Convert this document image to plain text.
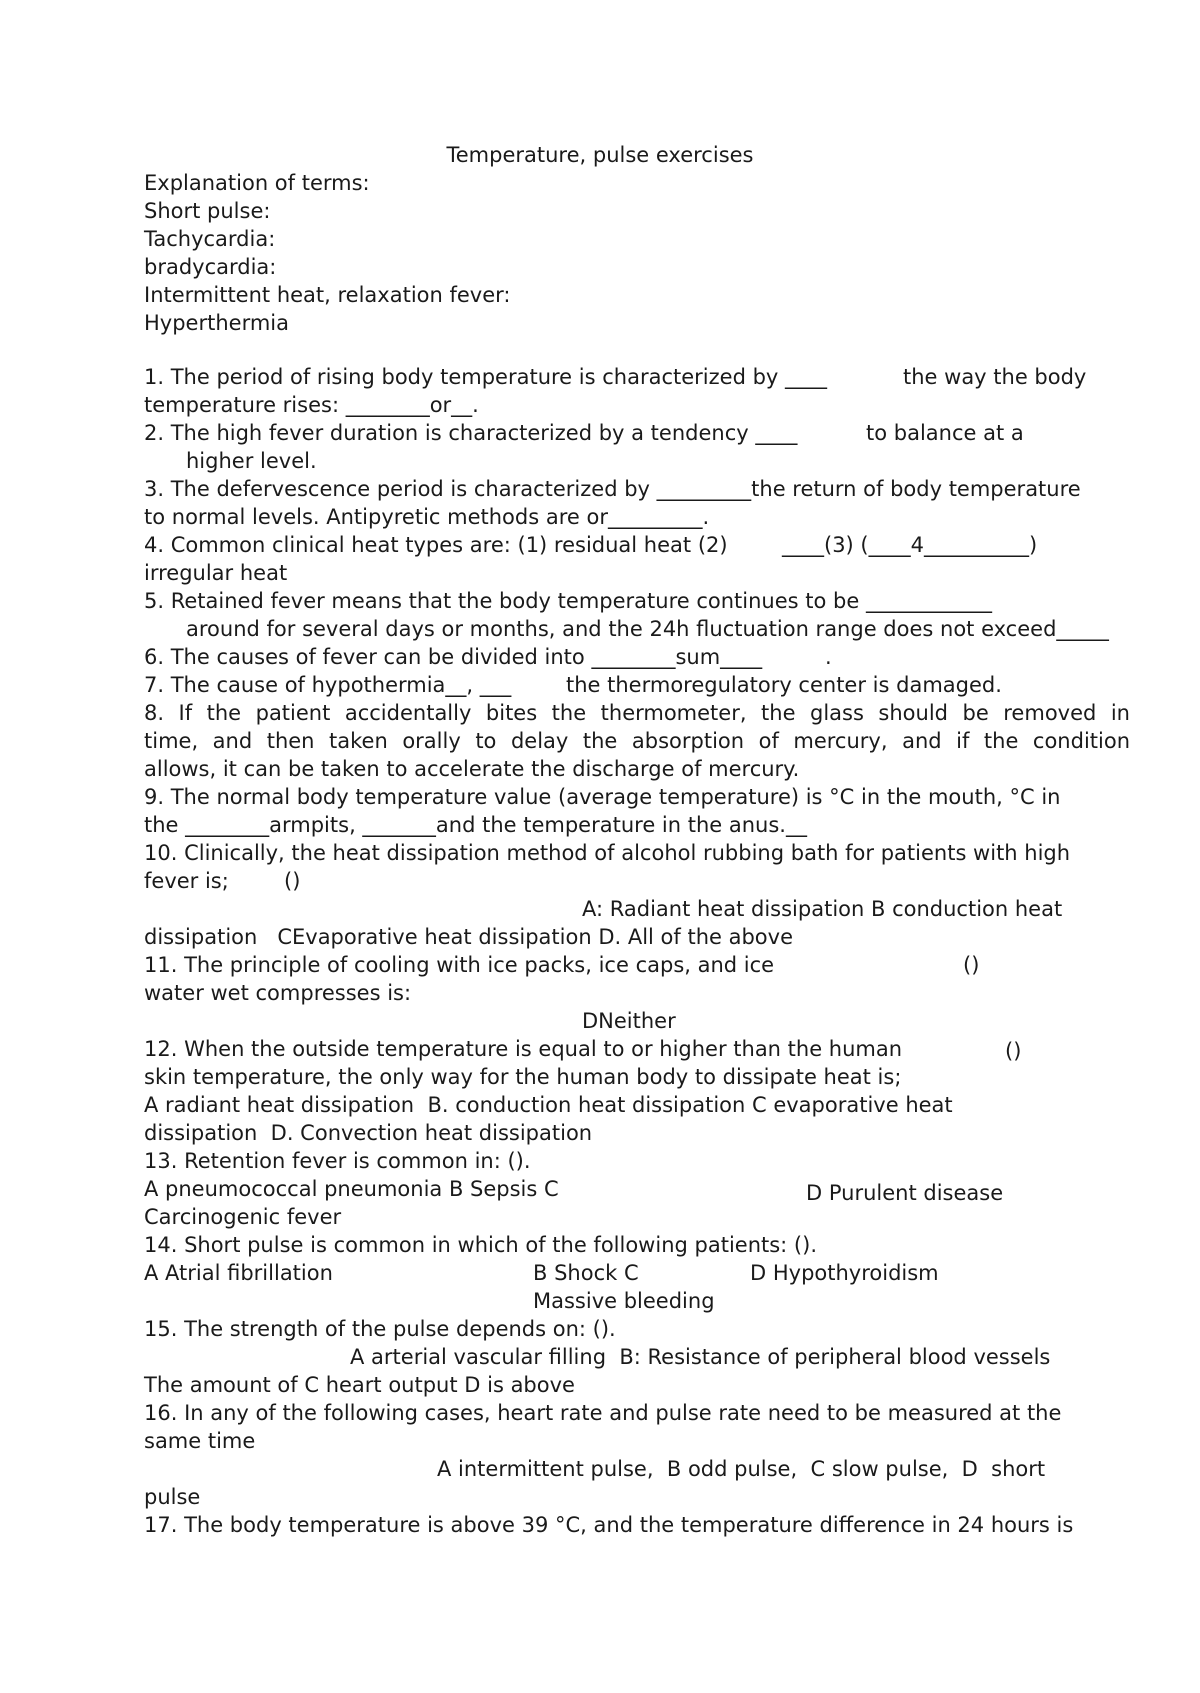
Temperature, pulse exercises
Explanation of terms:
Short pulse:
Tachycardia:
bradycardia:
Intermittent heat, relaxation fever:
Hyperthermia
1. The period of rising body temperature is characterized by ____	the way the body
temperature rises: ________or__.
2. The high fever duration is characterized by a tendency ____	to balance at a
higher level.
3. The defervescence period is characterized by _________the return of body temperature
to normal levels. Antipyretic methods are or_________.
4. Common clinical heat types are: (1) residual heat (2)	____(3) (____4__________)
irregular heat
5. Retained fever means that the body temperature continues to be ____________
around for several days or months, and the 24h fluctuation range does not exceed_____
6. The causes of fever can be divided into ________sum____	.
7. The cause of hypothermia__, ___	the thermoregulatory center is damaged.
8. If the patient accidentally bites the thermometer, the glass should be removed in
time, and then taken orally to delay the absorption of mercury, and if the condition
allows, it can be taken to accelerate the discharge of mercury.
9. The normal body temperature value (average temperature) is °C in the mouth, °C in
the ________armpits, _______and the temperature in the anus.__
10. Clinically, the heat dissipation method of alcohol rubbing bath for patients with high
fever is;	()
A: Radiant heat dissipation B conduction heat
dissipation   CEvaporative heat dissipation D. All of the above
11. The principle of cooling with ice packs, ice caps, and ice	()
water wet compresses is:
DNeither
12. When the outside temperature is equal to or higher than the human	()
skin temperature, the only way for the human body to dissipate heat is;
A radiant heat dissipation  B. conduction heat dissipation C evaporative heat
dissipation  D. Convection heat dissipation
13. Retention fever is common in: ().
A pneumococcal pneumonia B Sepsis C	D Purulent disease
Carcinogenic fever
14. Short pulse is common in which of the following patients: ().
A Atrial fibrillation	B Shock C	D Hypothyroidism
Massive bleeding
15. The strength of the pulse depends on: ().
A arterial vascular filling  B: Resistance of peripheral blood vessels
The amount of C heart output D is above
16. In any of the following cases, heart rate and pulse rate need to be measured at the
same time
A intermittent pulse,  B odd pulse,  C slow pulse,  D  short
pulse
17. The body temperature is above 39 °C, and the temperature difference in 24 hours is
